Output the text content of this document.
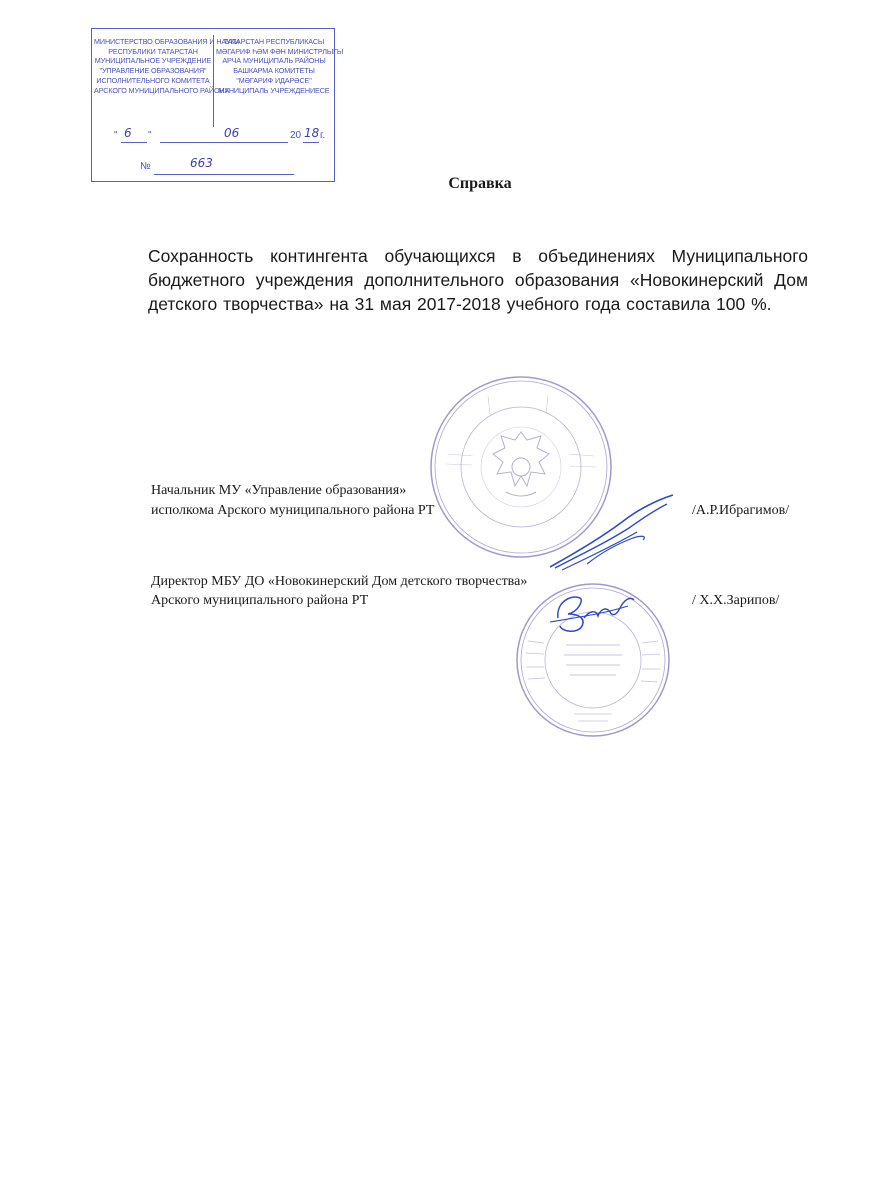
МИНИСТЕРСТВО ОБРАЗОВАНИЯ И НАУКИ
РЕСПУБЛИКИ ТАТАРСТАН
МУНИЦИПАЛЬНОЕ УЧРЕЖДЕНИЕ
"УПРАВЛЕНИЕ ОБРАЗОВАНИЯ"
ИСПОЛНИТЕЛЬНОГО КОМИТЕТА
АРСКОГО МУНИЦИПАЛЬНОГО РАЙОНА
ТАТАРСТАН РЕСПУБЛИКАСЫ
МӘГАРИФ ҺӘМ ФӘН МИНИСТРЛЫГЫ
АРЧА МУНИЦИПАЛЬ РАЙОНЫ
БАШКАРМА КОМИТЕТЫ
"МӘГАРИФ ИДАРӘСЕ"
МУНИЦИПАЛЬ УЧРЕЖДЕНИЕСЕ
" 6 "	06	20 18 г.
№	663
Справка
Сохранность контингента обучающихся в объединениях Муниципального бюджетного учреждения дополнительного образования «Новокинерский Дом детского творчества» на 31 мая 2017-2018 учебного года составила 100 %.
Начальник МУ «Управление образования»
исполкома Арского муниципального района РТ	/А.Р.Ибрагимов/
Директор МБУ ДО «Новокинерский Дом детского творчества»
Арского муниципального района РТ	/ Х.Х.Зарипов/
